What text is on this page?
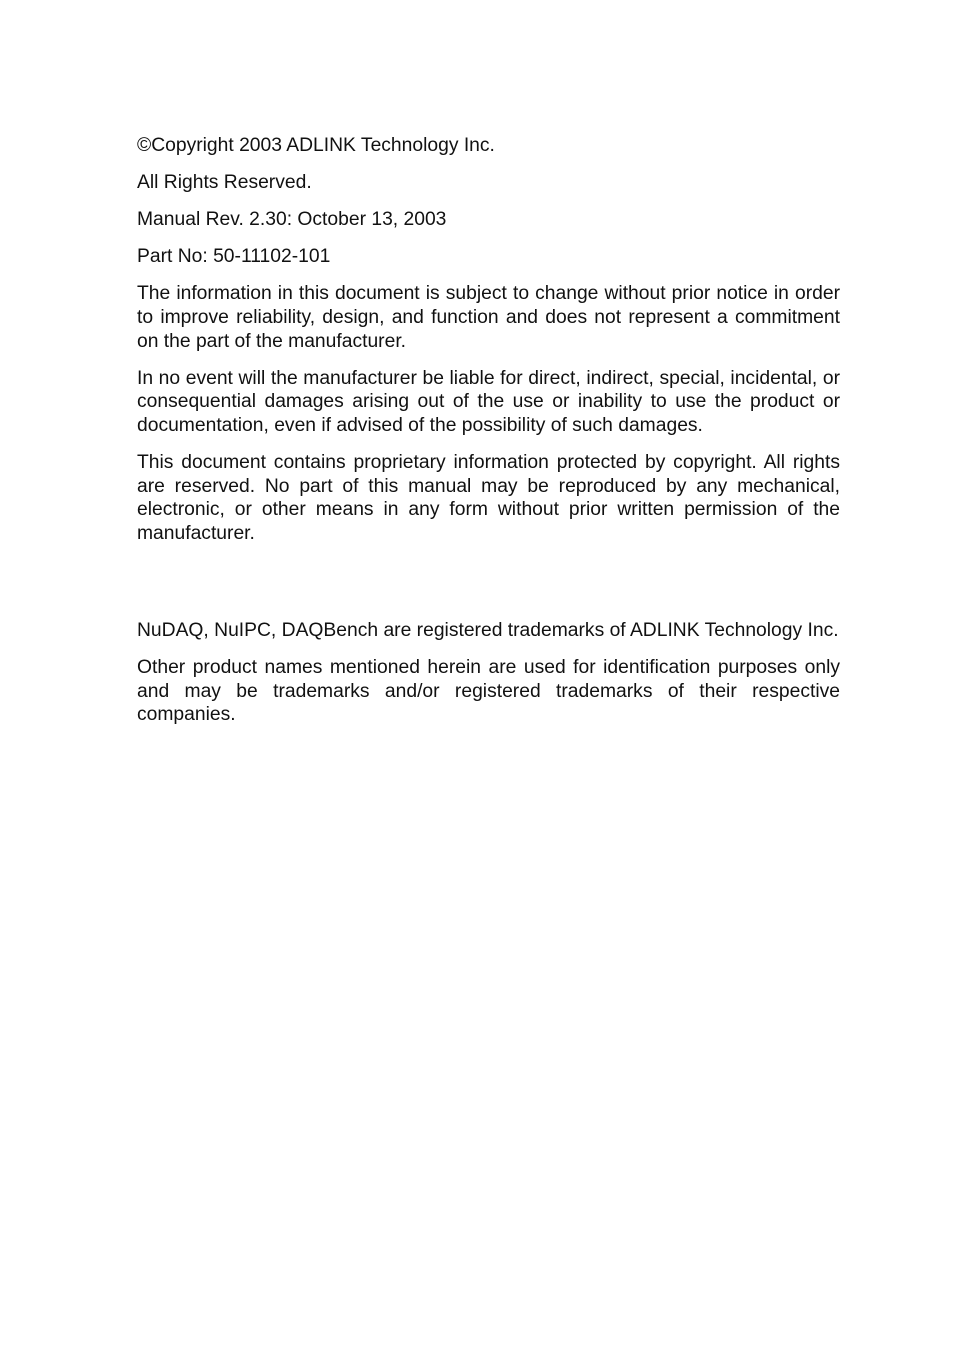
©Copyright 2003 ADLINK Technology Inc.

All Rights Reserved.

Manual Rev. 2.30: October 13, 2003

Part No: 50-11102-101

The information in this document is subject to change without prior notice in order to improve reliability, design, and function and does not represent a commitment on the part of the manufacturer.

In no event will the manufacturer be liable for direct, indirect, special, incidental, or consequential damages arising out of the use or inability to use the product or documentation, even if advised of the possibility of such damages.

This document contains proprietary information protected by copyright. All rights are reserved. No part of this manual may be reproduced by any mechanical, electronic, or other means in any form without prior written permission of the manufacturer.

NuDAQ, NuIPC, DAQBench are registered trademarks of ADLINK Technology Inc.

Other product names mentioned herein are used for identification purposes only and may be trademarks and/or registered trademarks of their respective companies.
